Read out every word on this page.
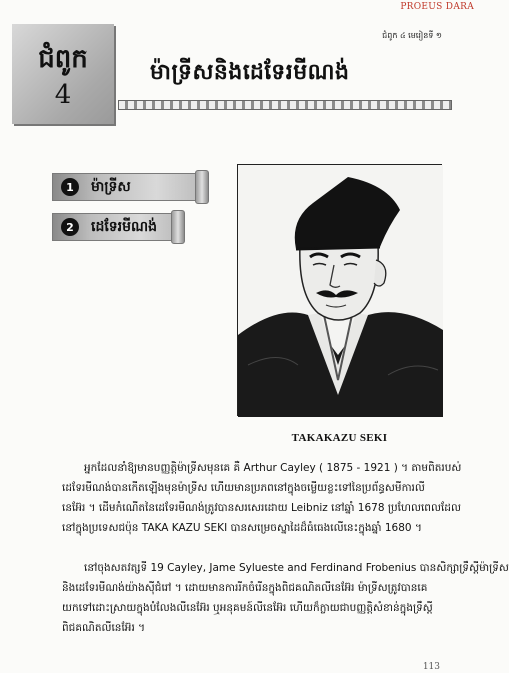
PROEUS DARA
ជំពូក ៤ មេរៀនទី ១
ជំពូក
4
ម៉ាទ្រីសនិងដេទែរមីណង់
1	ម៉ាទ្រីស
2	ដេទែរមីណង់
TAKAKAZU SEKI
អ្នកដែលនាំឱ្យមានបញ្ញត្តិម៉ាទ្រីសមុនគេ គឺ Arthur Cayley ( 1875 - 1921 ) ។ តាមពិតរបស់
ដេទែរមីណង់បានកើតឡើងមុនម៉ាទ្រីស ហើយមានប្រភពនៅក្នុងចម្លើយខ្លះទៅនៃប្រព័ន្ធសមីការលី
នេអ៊ែរ ។ ដើមកំណើតនៃដេទែរមីណង់ត្រូវបានសរសេរដោយ Leibniz នៅឆ្នាំ 1678 ប្រហែលពេលដែល
នៅក្នុងប្រទេសជប៉ុន TAKA KAZU SEKI បានសម្រេចស្នាដៃដ៏ធំធេងលើនេះក្នុងឆ្នាំ 1680 ។
នៅចុងសតវត្សទី 19 Cayley, Jame Sylueste and Ferdinand Frobenius បានសិក្សាទ្រឹស្តីម៉ាទ្រីស
និងដេទែរមីណង់យ៉ាងស៊ីជំរៅ ។ ដោយមានការរីកចំរើនក្នុងពិជគណិតលីនេអ៊ែរ ម៉ាទ្រីសត្រូវបានគេ
យកទៅដោះស្រាយក្នុងបំលែងលីនេអ៊ែរ ឬអនុគមន៍លីនេអ៊ែរ ហើយក៏ក្លាយជាបញ្ញត្តិសំខាន់ក្នុងទ្រឹស្តី
ពិជគណិតលីនេអ៊ែរ ។
113
